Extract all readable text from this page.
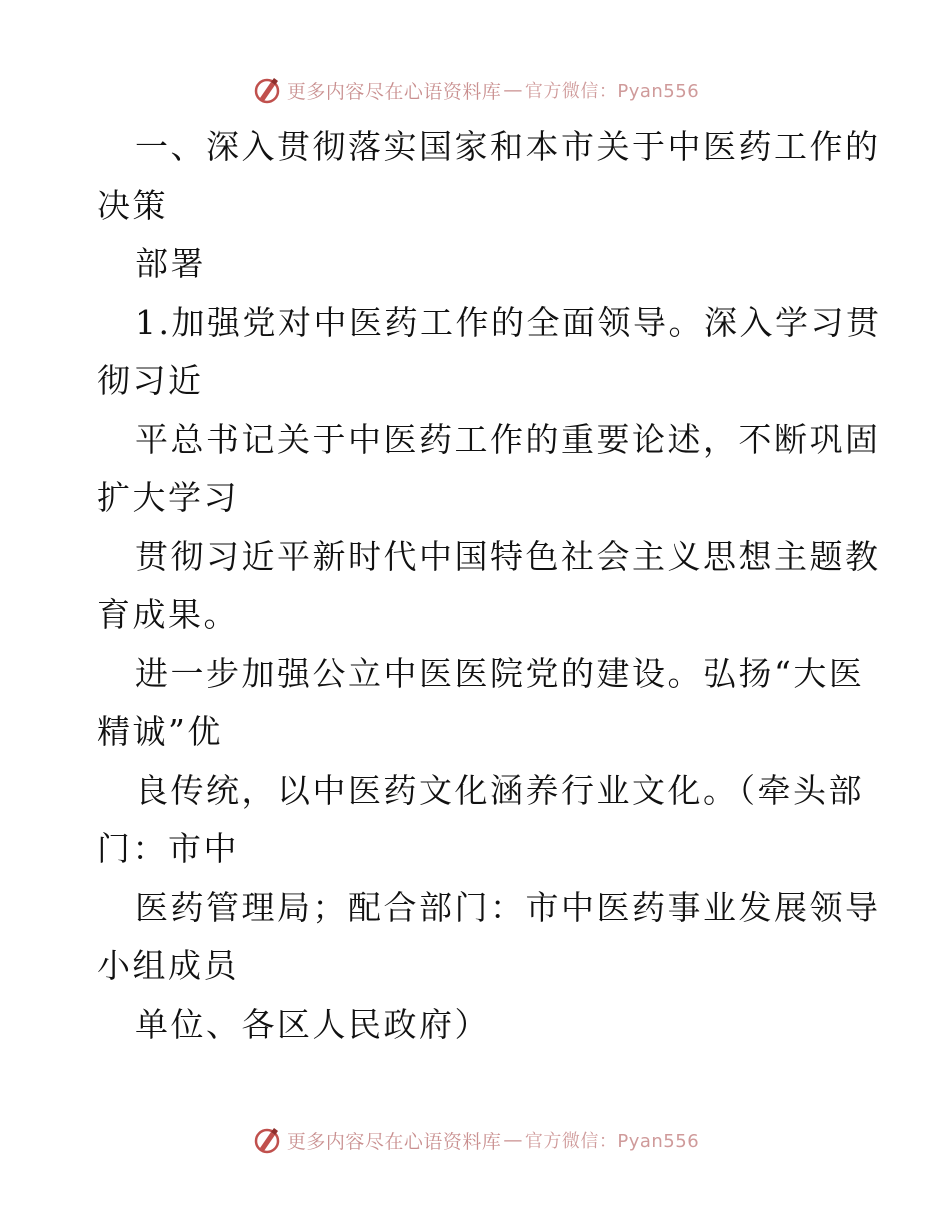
更多内容尽在心语资料库 — 官方微信：Pyan556
一、深入贯彻落实国家和本市关于中医药工作的
决策
部署
1.加强党对中医药工作的全面领导。深入学习贯
彻习近
平总书记关于中医药工作的重要论述，不断巩固
扩大学习
贯彻习近平新时代中国特色社会主义思想主题教
育成果。
进一步加强公立中医医院党的建设。弘扬“大医
精诚”优
良传统，以中医药文化涵养行业文化。（牵头部
门：市中
医药管理局；配合部门：市中医药事业发展领导
小组成员
单位、各区人民政府）
更多内容尽在心语资料库 — 官方微信：Pyan556
